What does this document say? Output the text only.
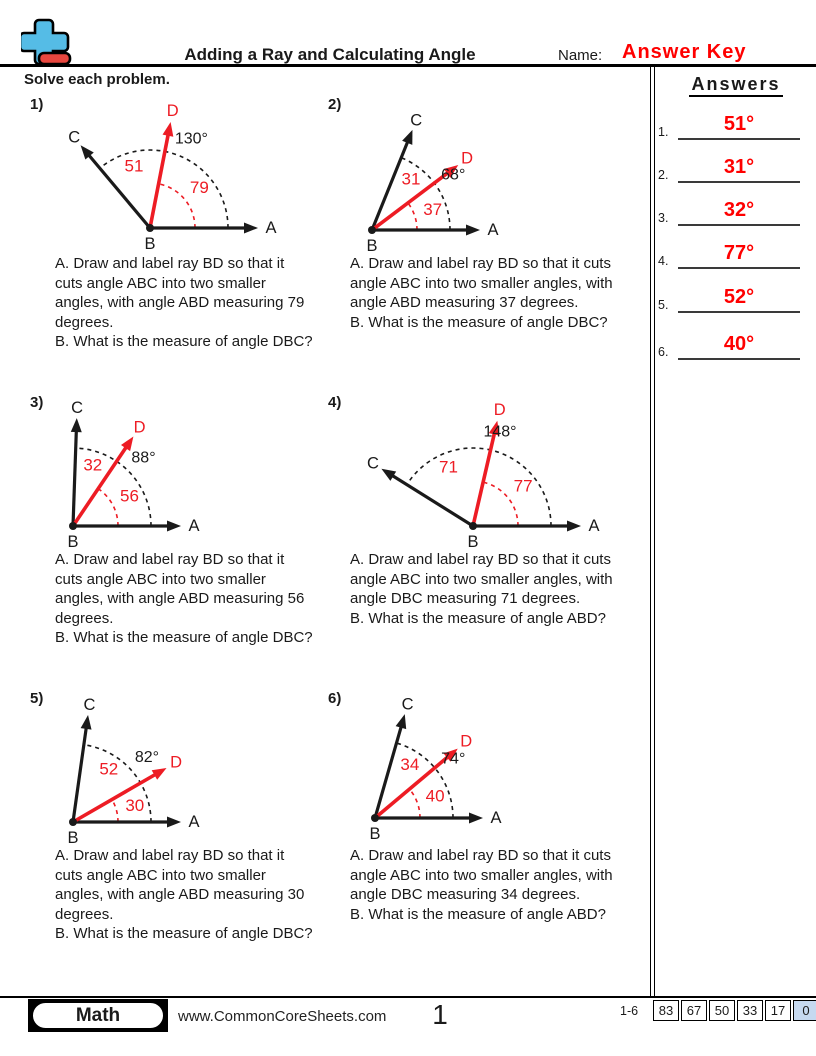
Adding a Ray and Calculating Angle	Name: Answer Key
Solve each problem.	Answers
1.	51°
2.	31°
3.	32°
4.	77°
5.	52°
6.	40°
A
C
D
B
130°
51
79
A
C
D
B
68°
31
37
A
C
D
B
88°
32
56
A
C
D
B
148°
71
77
A
C
D
B
82°
52
30
A
C
D
B
74°
34
40
Math	www.CommonCoreSheets.com	1	1-6	83	67	50	33	17	0
1)
A. Draw and label ray BD so that it
cuts angle ABC into two smaller
angles, with angle ABD measuring 79
degrees.
B. What is the measure of angle DBC?
2)
A. Draw and label ray BD so that it cuts
angle ABC into two smaller angles, with
angle ABD measuring 37 degrees.
B. What is the measure of angle DBC?
3)
A. Draw and label ray BD so that it
cuts angle ABC into two smaller
angles, with angle ABD measuring 56
degrees.
B. What is the measure of angle DBC?
4)
A. Draw and label ray BD so that it cuts
angle ABC into two smaller angles, with
angle DBC measuring 71 degrees.
B. What is the measure of angle ABD?
5)
A. Draw and label ray BD so that it
cuts angle ABC into two smaller
angles, with angle ABD measuring 30
degrees.
B. What is the measure of angle DBC?
6)
A. Draw and label ray BD so that it cuts
angle ABC into two smaller angles, with
angle DBC measuring 34 degrees.
B. What is the measure of angle ABD?
